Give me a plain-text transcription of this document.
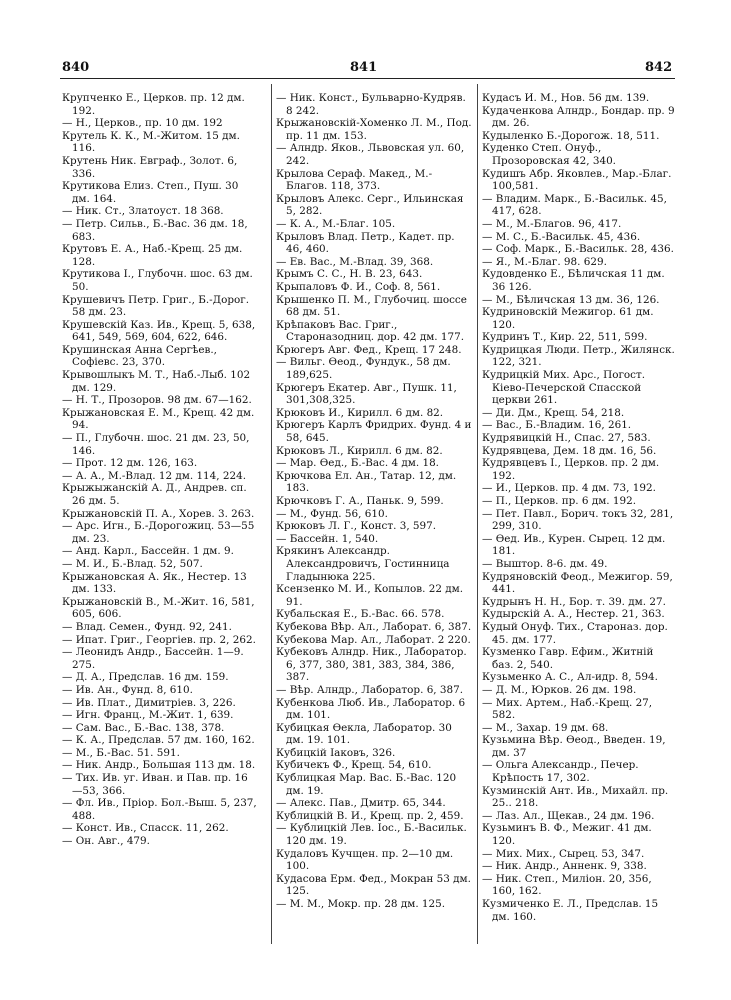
840	841	842

Крупченко Е., Церков. пр. 12 дм. 192.

— Н., Церков., пр. 10 дм. 192

Крутель К. К., М.-Житом. 15 дм. 116.

Крутень Ник. Евграф., Золот. 6, 336.

Крутикова Елиз. Степ., Пуш. 30 дм. 164.

— Ник. Ст., Златоуст. 18 368.

— Петр. Сильв., Б.-Вас. 36 дм. 18, 683.

Крутовъ Е. А., Наб.-Крещ. 25 дм. 128.

Крутикова I., Глубочн. шос. 63 дм. 50.

Крушевичъ Петр. Григ., Б.-Дорог. 58 дм. 23.

Крушевскій Каз. Ив., Крещ. 5, 638, 641, 549, 569, 604, 622, 646.

Крушинская Анна Сергѣев., Софіевс. 23, 370.

Крывошлыкъ М. Т., Наб.-Лыб. 102 дм. 129.

— Н. Т., Прозоров. 98 дм. 67—162.

Крыжановская Е. М., Крещ. 42 дм. 94.

— П., Глубочн. шос. 21 дм. 23, 50, 146.

— Прот. 12 дм. 126, 163.

— А. А., М.-Влад. 12 дм. 114, 224.

Крыжыжанскій А. Д., Андрев. сп. 26 дм. 5.

Крыжановскій П. А., Хорев. 3. 263.

— Арс. Игн., Б.-Дорогожиц. 53—55 дм. 23.

— Анд. Карл., Бассейн. 1 дм. 9.

— М. И., Б.-Влад. 52, 507.

Крыжановская А. Як., Нестер. 13 дм. 133.

Крыжановскій В., М.-Жит. 16, 581, 605, 606.

— Влад. Семен., Фунд. 92, 241.

— Ипат. Григ., Георгіев. пр. 2, 262.

— Леонидъ Андр., Бассейн. 1—9. 275.

— Д. А., Предслав. 16 дм. 159.

— Ив. Ан., Фунд. 8, 610.

— Ив. Плат., Димитріев. 3, 226.

— Игн. Франц., М.-Жит. 1, 639.

— Сам. Вас., Б.-Вас. 138, 378.

— К. А., Предслав. 57 дм. 160, 162.

— М., Б.-Вас. 51. 591.

— Ник. Андр., Большая 113 дм. 18.

— Тих. Ив. уг. Иван. и Пав. пр. 16—53, 366.

— Фл. Ив., Пріор. Бол.-Выш. 5, 237, 488.

— Конст. Ив., Спасск. 11, 262.

— Он. Авг., 479.

— Ник. Конст., Бульварно-Кудряв. 8 242.

Крыжановскій-Хоменко Л. М., Под. пр. 11 дм. 153.

— Алндр. Яков., Львовская ул. 60, 242.

Крылова Сераф. Макед., М.-Благов. 118, 373.

Крыловъ Алекс. Серг., Ильинская 5, 282.

— К. А., М.-Благ. 105.

Крыловъ Влад. Петр., Кадет. пр. 46, 460.

— Ев. Вас., М.-Влад. 39, 368.

Крымъ С. С., Н. В. 23, 643.

Крыпаловъ Ф. И., Соф. 8, 561.

Крышенко П. М., Глубочиц. шоссе 68 дм. 51.

Крѣпаковъ Вас. Григ., Староназодниц. дор. 42 дм. 177.

Крюгеръ Авг. Фед., Крещ. 17 248.

— Вильг. Өеод., Фундук., 58 дм. 189,625.

Крюгеръ Екатер. Авг., Пушк. 11, 301,308,325.

Крюковъ И., Кирилл. 6 дм. 82.

Крюгеръ Карлъ Фридрих. Фунд. 4 и 58, 645.

Крюковъ Л., Кирилл. 6 дм. 82.

— Мар. Өед., Б.-Вас. 4 дм. 18.

Крючкова Ел. Ан., Татар. 12, дм. 183.

Крючковъ Г. А., Паньк. 9, 599.

— М., Фунд. 56, 610.

Крюковъ Л. Г., Конст. 3, 597.

— Бассейн. 1, 540.

Крякинъ Александр. Александровичъ, Гостинница Гладынюка 225.

Ксензенко М. И., Копылов. 22 дм. 91.

Кубальская Е., Б.-Вас. 66. 578.

Кубекова Вѣр. Ал., Лаборат. 6, 387.

Кубекова Мар. Ал., Лаборат. 2 220.

Кубековъ Алндр. Ник., Лаборатор. 6, 377, 380, 381, 383, 384, 386, 387.

— Вѣр. Алндр., Лаборатор. 6, 387.

Кубенкова Люб. Ив., Лаборатор. 6 дм. 101.

Кубицкая Өекла, Лаборатор. 30 дм. 19. 101.

Кубицкій Іаковъ, 326.

Кубичекъ Ф., Крещ. 54, 610.

Кублицкая Мар. Вас. Б.-Вас. 120 дм. 19.

— Алекс. Пав., Дмитр. 65, 344.

Кублицкій В. И., Крещ. пр. 2, 459.

— Кублицкій Лев. Іос., Б.-Васильк. 120 дм. 19.

Кудаловъ Кучщен. пр. 2—10 дм. 100.

Кудасова Ерм. Фед., Мокран 53 дм. 125.

— М. М., Мокр. пр. 28 дм. 125.

Кудасъ И. М., Нов. 56 дм. 139.

Кудаченкова Алндр., Бондар. пр. 9 дм. 26.

Кудыленко Б.-Дорогож. 18, 511.

Куденко Степ. Онуф., Прозоровская 42, 340.

Кудишъ Абр. Яковлев., Мар.-Благ. 100,581.

— Владим. Марк., Б.-Васильк. 45, 417, 628.

— М., М.-Благов. 96, 417.

— М. С., Б.-Васильк. 45, 436.

— Соф. Марк., Б.-Васильк. 28, 436.

— Я., М.-Благ. 98. 629.

Кудовденко Е., Бѣличская 11 дм. 36 126.

— М., Бѣличская 13 дм. 36, 126.

Кудриновскій Межигор. 61 дм. 120.

Кудринъ Т., Кир. 22, 511, 599.

Кудрицкая Люди. Петр., Жилянск. 122, 321.

Кудрицкій Мих. Арс., Погост. Кіево-Печерской Спасской церкви 261.

— Ди. Дм., Крещ. 54, 218.

— Вас., Б.-Владим. 16, 261.

Кудрявицкій Н., Спас. 27, 583.

Кудрявцева, Дем. 18 дм. 16, 56.

Кудрявцевъ I., Церков. пр. 2 дм. 192.

— И., Церков. пр. 4 дм. 73, 192.

— П., Церков. пр. 6 дм. 192.

— Пет. Павл., Борич. токъ 32, 281, 299, 310.

— Өед. Ив., Курен. Сырец. 12 дм. 181.

— Выштор. 8-6. дм. 49.

Кудряновскій Феод., Межигор. 59, 441.

Кудрынъ Н. Н., Бор. т. 39. дм. 27.

Кудырскій А. А., Нестер. 21, 363.

Кудый Онуф. Тих., Староназ. дор. 45. дм. 177.

Кузменко Гавр. Ефим., Житній баз. 2, 540.

Кузьменко А. С., Ал-идр. 8, 594.

— Д. М., Юрков. 26 дм. 198.

— Мих. Артем., Наб.-Крещ. 27, 582.

— М., Захар. 19 дм. 68.

Кузьмина Вѣр. Өеод., Введен. 19, дм. 37

— Ольга Александр., Печер. Крѣпость 17, 302.

Кузминскій Ант. Ив., Михайл. пр. 25.. 218.

— Лаз. Ал., Щекав., 24 дм. 196.

Кузьминъ В. Ф., Межиг. 41 дм. 120.

— Мих. Мих., Сырец. 53, 347.

— Ник. Андр., Анненк. 9, 338.

— Ник. Степ., Миліон. 20, 356, 160, 162.

Кузмиченко Е. Л., Предслав. 15 дм. 160.
